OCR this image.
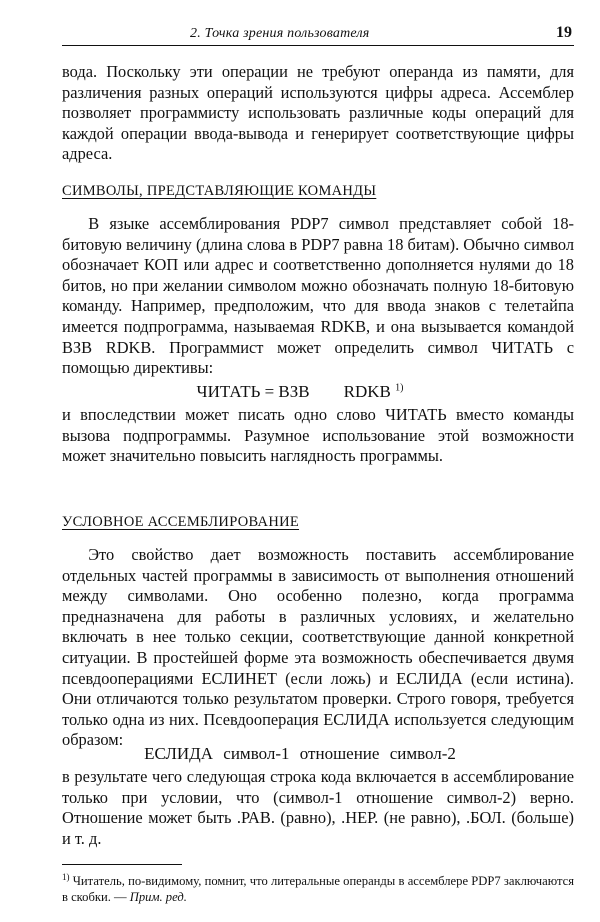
2. Точка зрения пользователя	19

вода. Поскольку эти операции не требуют операнда из памяти, для различения разных операций используются цифры адреса. Ассемблер позволяет программисту использовать различные коды операций для каждой операции ввода-вывода и генерирует соответствующие цифры адреса.

СИМВОЛЫ, ПРЕДСТАВЛЯЮЩИЕ КОМАНДЫ

В языке ассемблирования PDP7 символ представляет собой 18-битовую величину (длина слова в PDP7 равна 18 битам). Обычно символ обозначает КОП или адрес и соответственно дополняется нулями до 18 битов, но при желании символом можно обозначать полную 18-битовую команду. Например, предположим, что для ввода знаков с телетайпа имеется подпрограмма, называемая RDKB, и она вызывается командой ВЗВ RDKB. Программист может определить символ ЧИТАТЬ с помощью директивы:

ЧИТАТЬ = ВЗВ RDKB $^{1)}$

и впоследствии может писать одно слово ЧИТАТЬ вместо команды вызова подпрограммы. Разумное использование этой возможности может значительно повысить наглядность программы.

УСЛОВНОЕ АССЕМБЛИРОВАНИЕ

Это свойство дает возможность поставить ассемблирование отдельных частей программы в зависимость от выполнения отношений между символами. Оно особенно полезно, когда программа предназначена для работы в различных условиях, и желательно включать в нее только секции, соответствующие данной конкретной ситуации. В простейшей форме эта возможность обеспечивается двумя псевдооперациями ЕСЛИНЕТ (если ложь) и ЕСЛИДА (если истина). Они отличаются только результатом проверки. Строго говоря, требуется только одна из них. Псевдооперация ЕСЛИДА используется следующим образом:

ЕСЛИДА символ-1 отношение символ-2

в результате чего следующая строка кода включается в ассемблирование только при условии, что (символ-1 отношение символ-2) верно. Отношение может быть .РАВ. (равно), .НЕР. (не равно), .БОЛ. (больше) и т. д.

$^{1)}$ Читатель, по-видимому, помнит, что литеральные операнды в ассемблере PDP7 заключаются в скобки. — Прим. ред.
